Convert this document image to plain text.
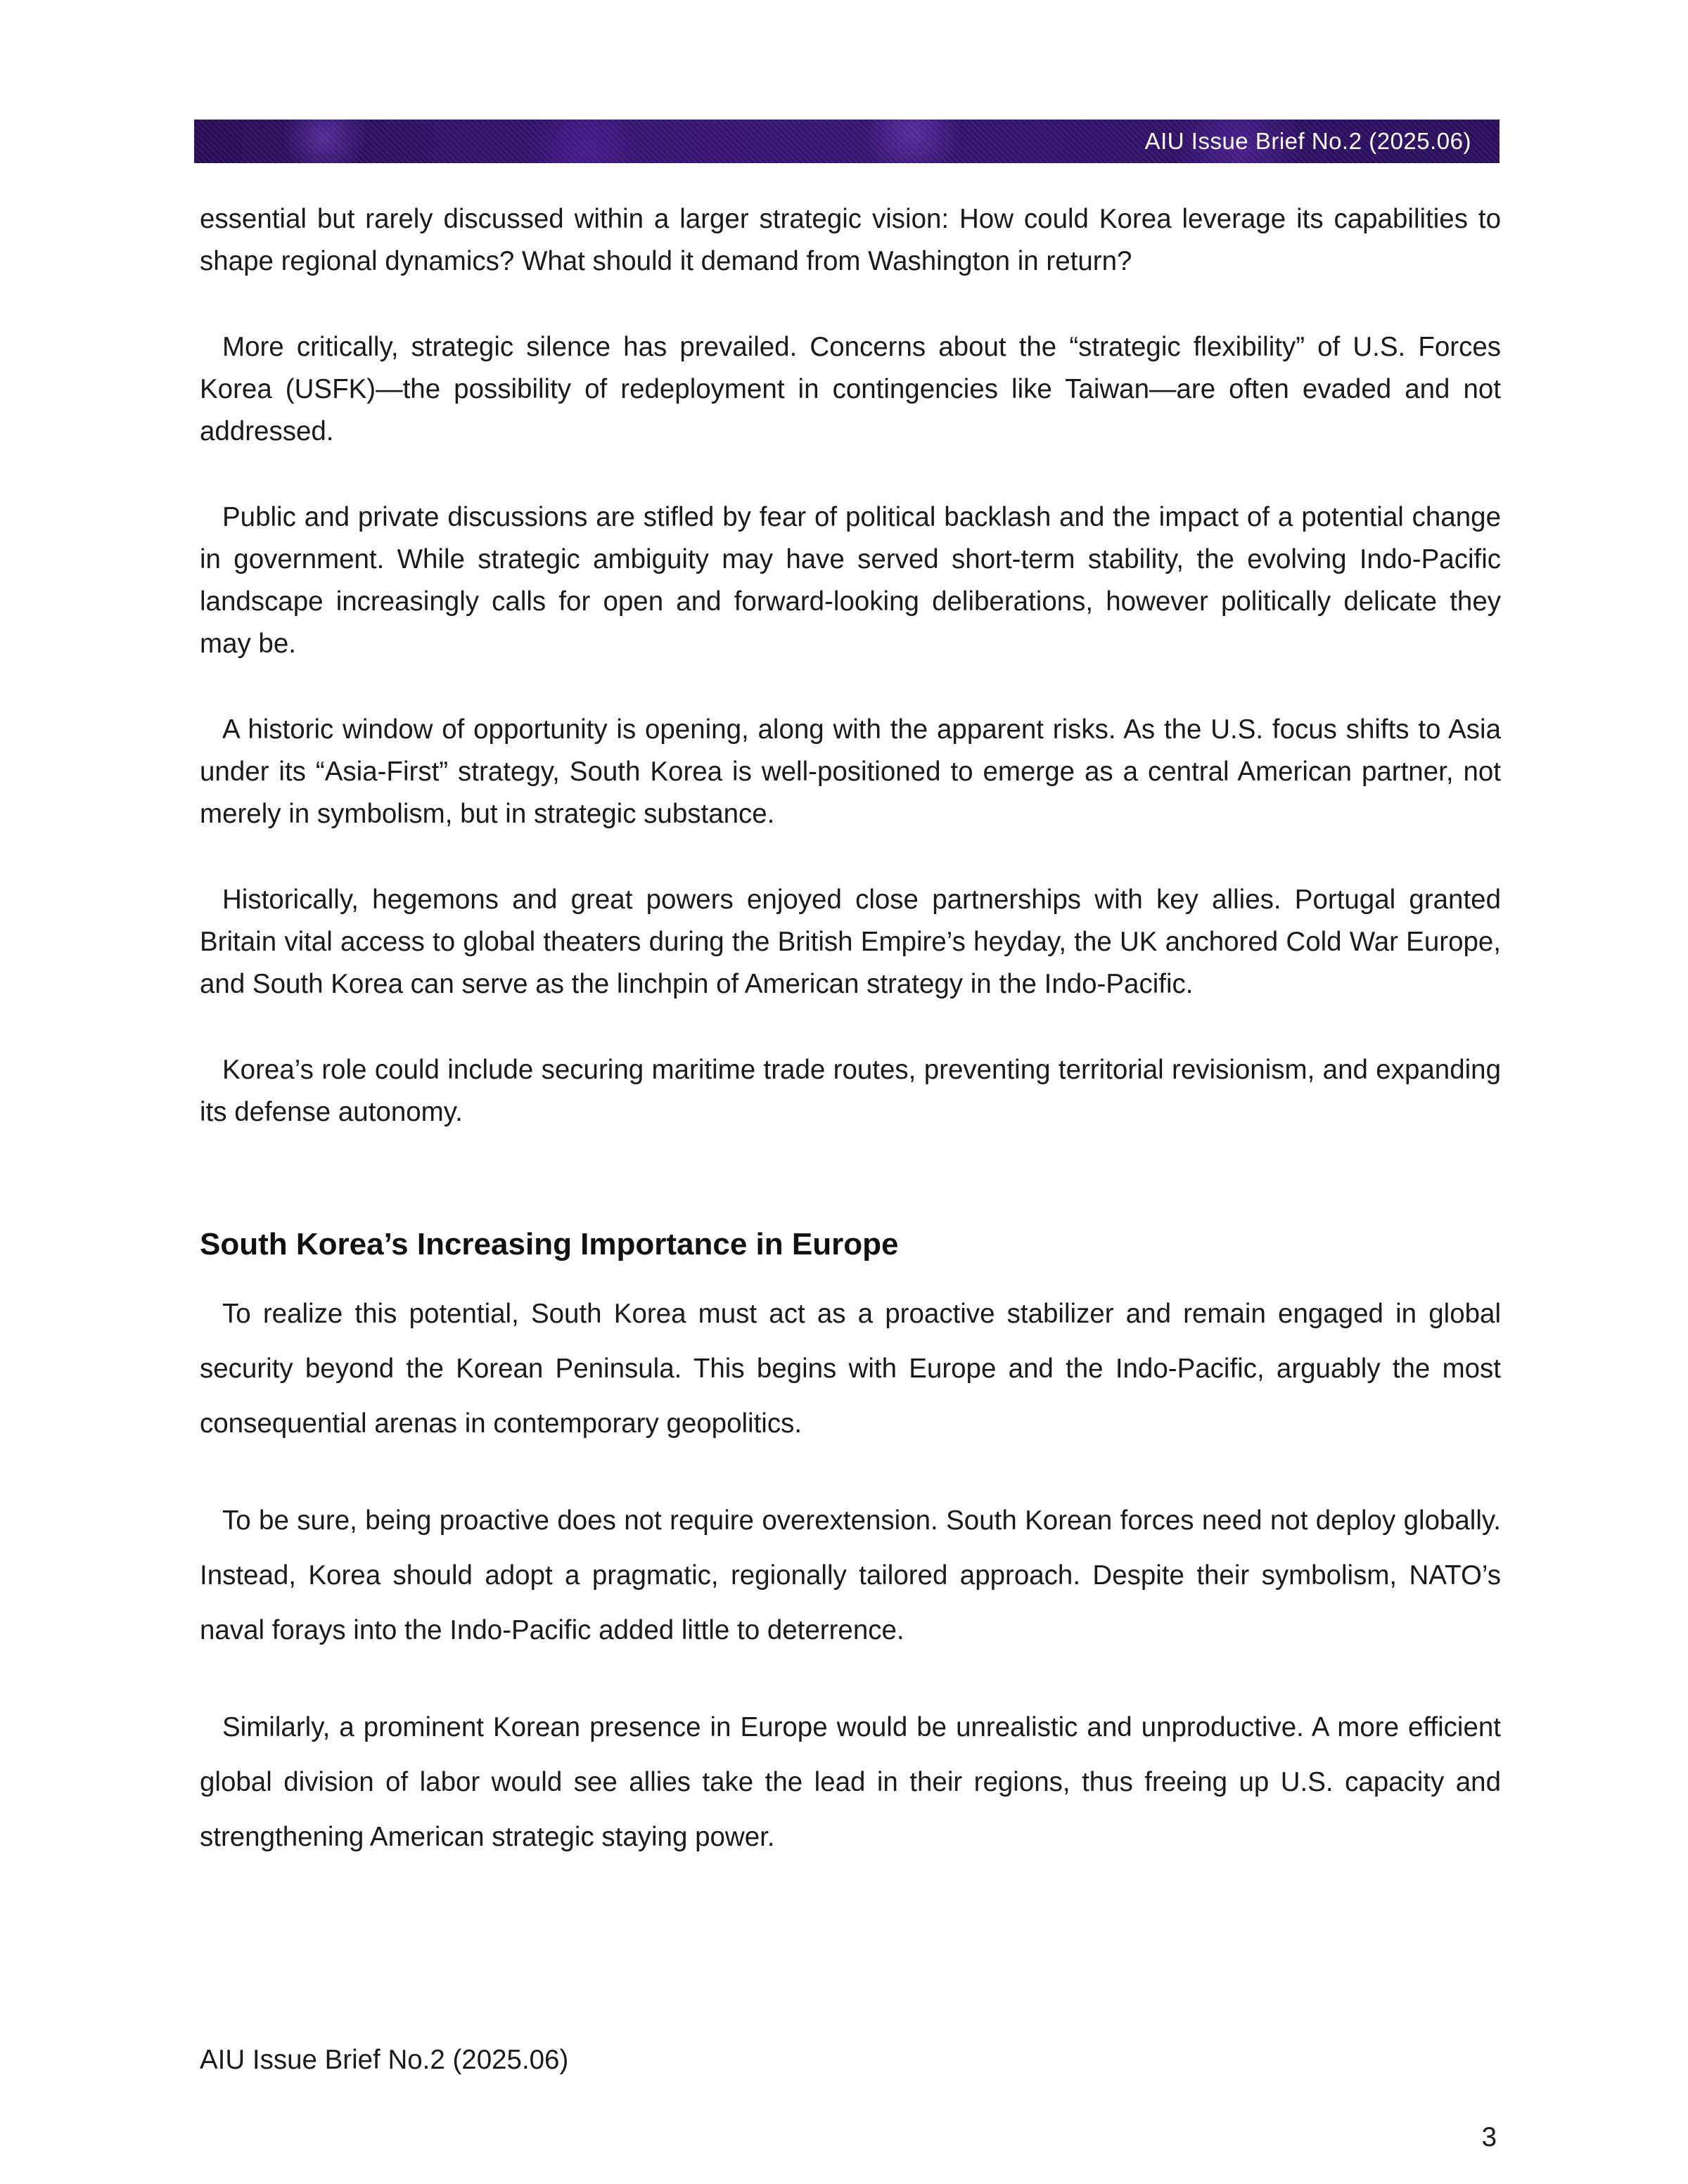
AIU Issue Brief No.2 (2025.06)

essential but rarely discussed within a larger strategic vision: How could Korea leverage its capabilities to shape regional dynamics? What should it demand from Washington in return?

More critically, strategic silence has prevailed. Concerns about the “strategic flexibility” of U.S. Forces Korea (USFK)—the possibility of redeployment in contingencies like Taiwan—are often evaded and not addressed.

Public and private discussions are stifled by fear of political backlash and the impact of a potential change in government. While strategic ambiguity may have served short-term stability, the evolving Indo-Pacific landscape increasingly calls for open and forward-looking deliberations, however politically delicate they may be.

A historic window of opportunity is opening, along with the apparent risks. As the U.S. focus shifts to Asia under its “Asia-First” strategy, South Korea is well-positioned to emerge as a central American partner, not merely in symbolism, but in strategic substance.

Historically, hegemons and great powers enjoyed close partnerships with key allies. Portugal granted Britain vital access to global theaters during the British Empire’s heyday, the UK anchored Cold War Europe, and South Korea can serve as the linchpin of American strategy in the Indo-Pacific.

Korea’s role could include securing maritime trade routes, preventing territorial revisionism, and expanding its defense autonomy.

South Korea’s Increasing Importance in Europe

To realize this potential, South Korea must act as a proactive stabilizer and remain engaged in global security beyond the Korean Peninsula. This begins with Europe and the Indo-Pacific, arguably the most consequential arenas in contemporary geopolitics.

To be sure, being proactive does not require overextension. South Korean forces need not deploy globally. Instead, Korea should adopt a pragmatic, regionally tailored approach. Despite their symbolism, NATO’s naval forays into the Indo-Pacific added little to deterrence.

Similarly, a prominent Korean presence in Europe would be unrealistic and unproductive. A more efficient global division of labor would see allies take the lead in their regions, thus freeing up U.S. capacity and strengthening American strategic staying power.

AIU Issue Brief No.2 (2025.06)
3
